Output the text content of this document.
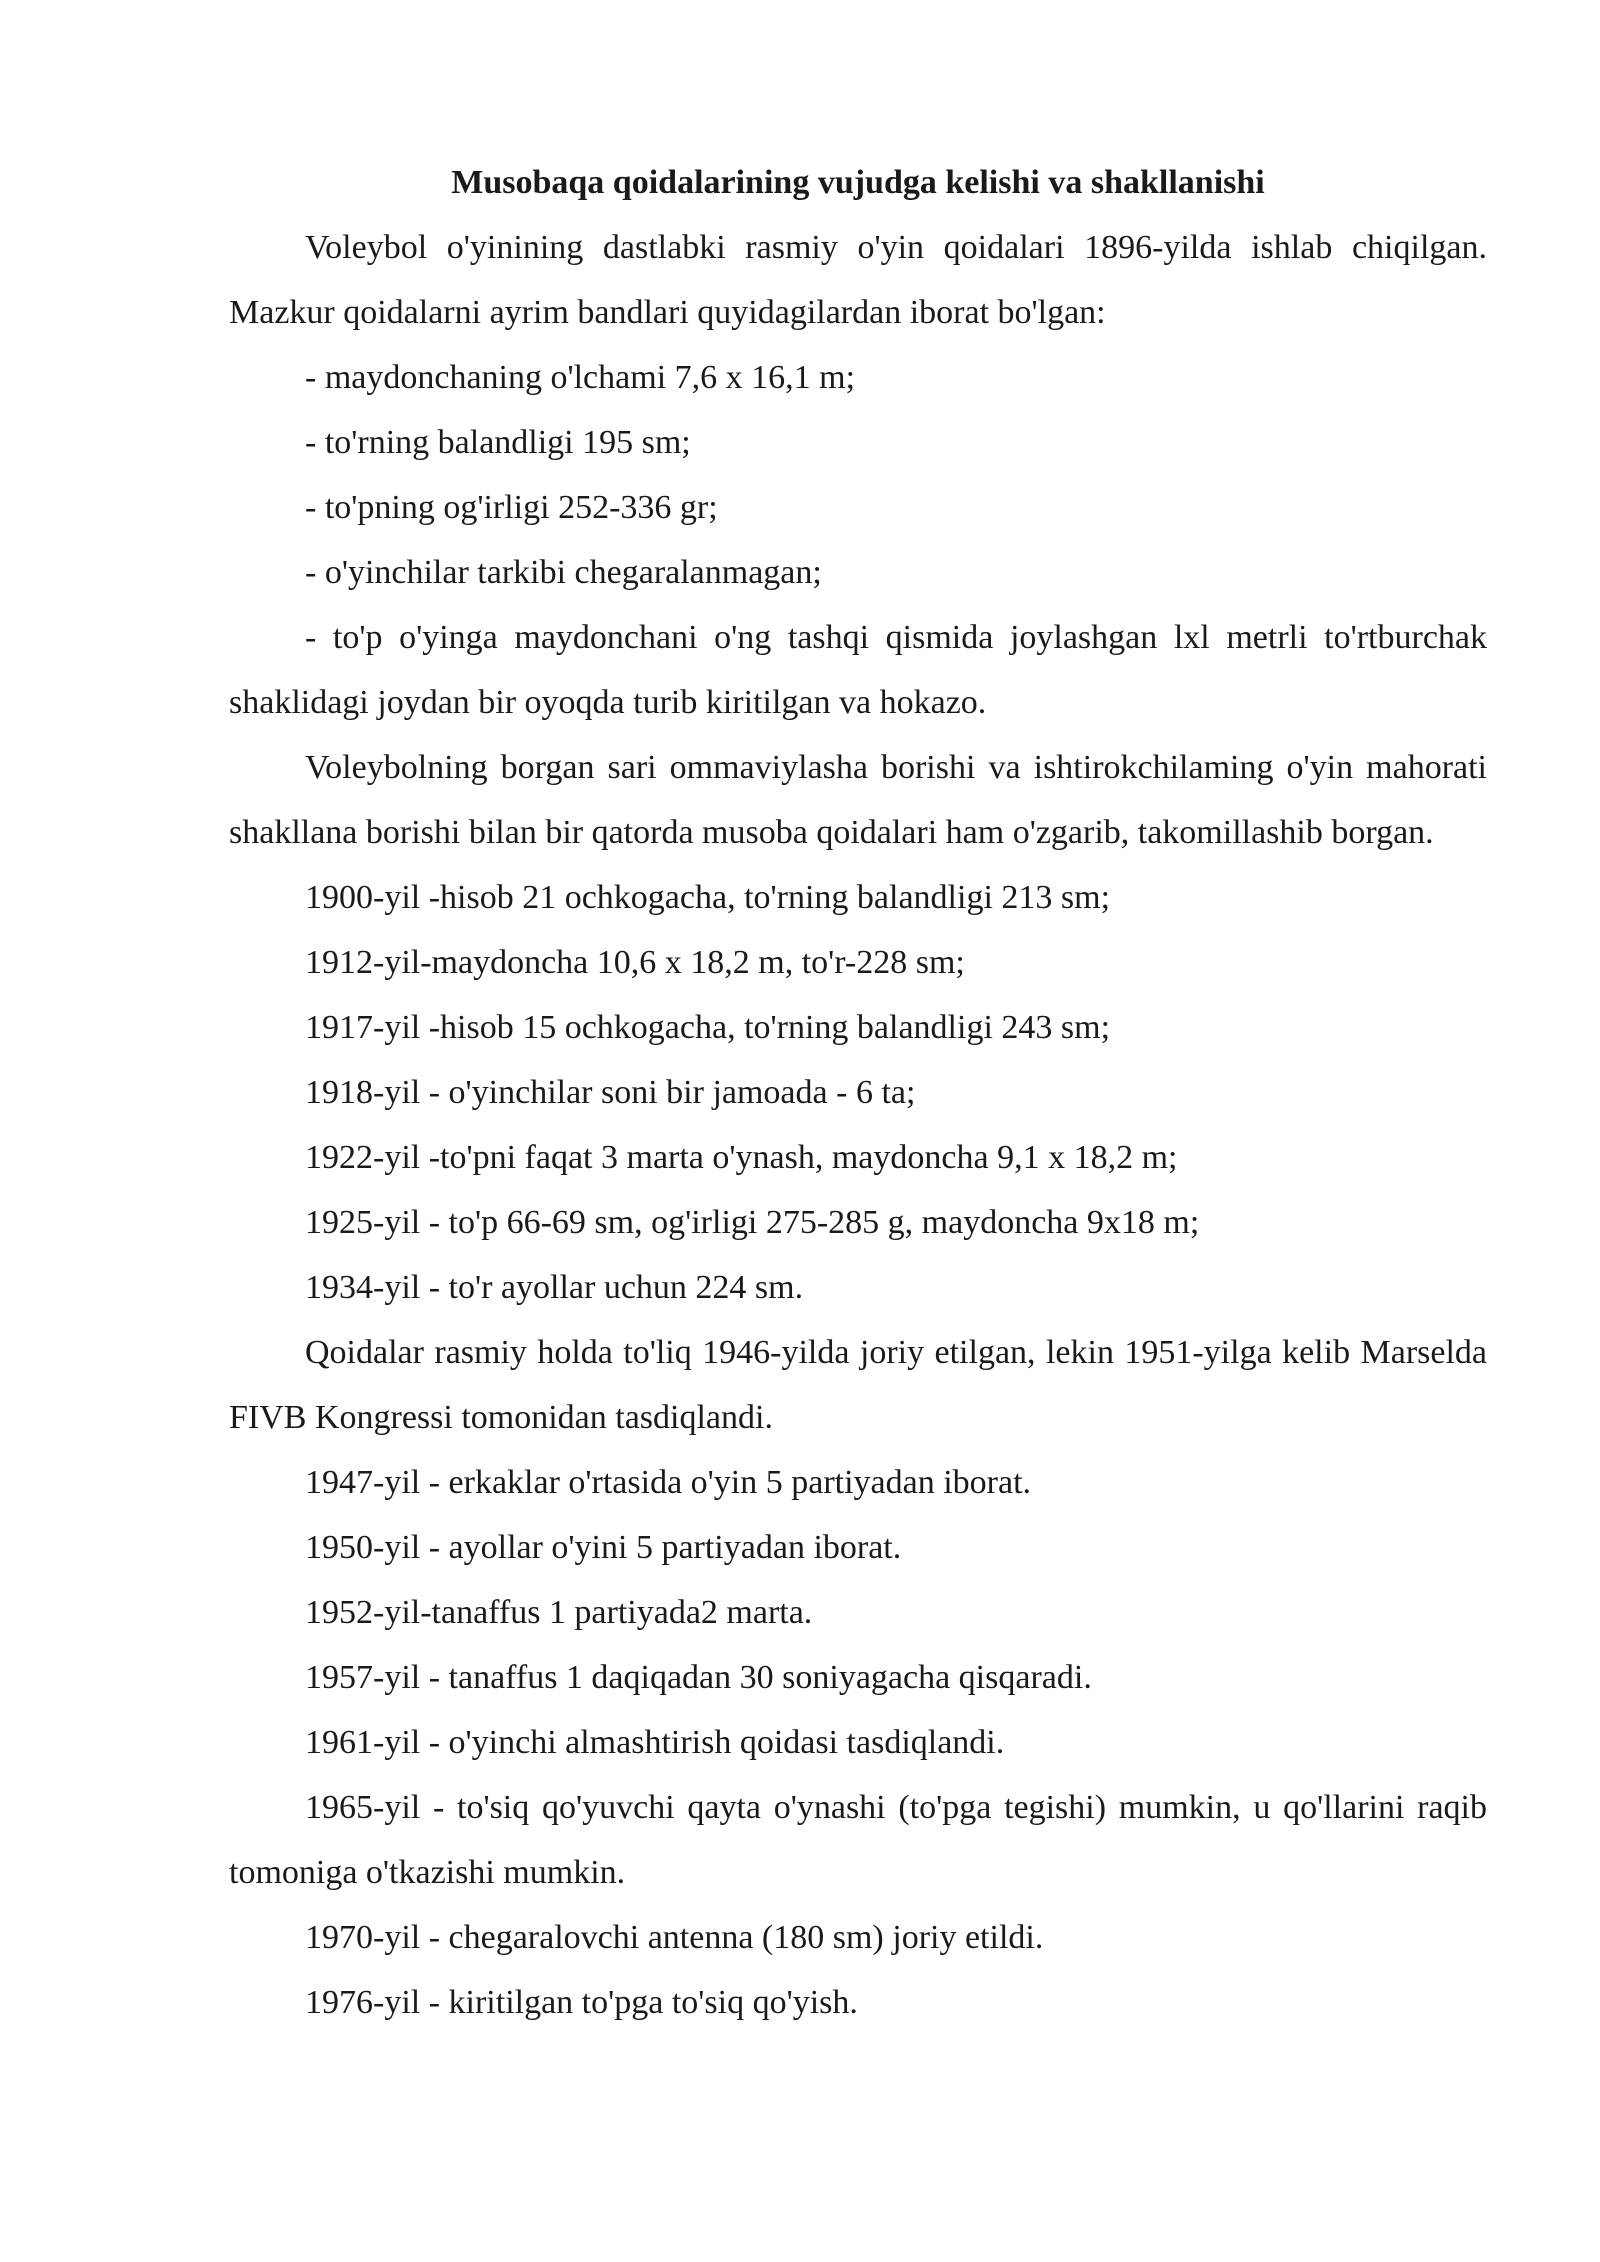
Musobaqa qoidalarining vujudga kelishi va shakllanishi

Voleybol o'yinining dastlabki rasmiy o'yin qoidalari 1896-yilda ishlab chiqilgan. Mazkur qoidalarni ayrim bandlari quyidagilardan iborat bo'lgan:

- maydonchaning o'lchami 7,6 x 16,1 m;

- to'rning balandligi 195 sm;

- to'pning og'irligi 252-336 gr;

- o'yinchilar tarkibi chegaralanmagan;

- to'p o'yinga maydonchani o'ng tashqi qismida joylashgan lxl metrli to'rtburchak shaklidagi joydan bir oyoqda turib kiritilgan va hokazo.

Voleybolning borgan sari ommaviylasha borishi va ishtirokchilaming o'yin mahorati shakllana borishi bilan bir qatorda musoba qoidalari ham o'zgarib, takomillashib borgan.

1900-yil -hisob 21 ochkogacha, to'rning balandligi 213 sm;

1912-yil-maydoncha 10,6 x 18,2 m, to'r-228 sm;

1917-yil -hisob 15 ochkogacha, to'rning balandligi 243 sm;

1918-yil - o'yinchilar soni bir jamoada - 6 ta;

1922-yil -to'pni faqat 3 marta o'ynash, maydoncha 9,1 x 18,2 m;

1925-yil - to'p 66-69 sm, og'irligi 275-285 g, maydoncha 9x18 m;

1934-yil - to'r ayollar uchun 224 sm.

Qoidalar rasmiy holda to'liq 1946-yilda joriy etilgan, lekin 1951-yilga kelib Marselda FIVB Kongressi tomonidan tasdiqlandi.

1947-yil - erkaklar o'rtasida o'yin 5 partiyadan iborat.

1950-yil - ayollar o'yini 5 partiyadan iborat.

1952-yil-tanaffus 1 partiyada2 marta.

1957-yil - tanaffus 1 daqiqadan 30 soniyagacha qisqaradi.

1961-yil - o'yinchi almashtirish qoidasi tasdiqlandi.

1965-yil - to'siq qo'yuvchi qayta o'ynashi (to'pga tegishi) mumkin, u qo'llarini raqib tomoniga o'tkazishi mumkin.

1970-yil - chegaralovchi antenna (180 sm) joriy etildi.

1976-yil - kiritilgan to'pga to'siq qo'yish.
